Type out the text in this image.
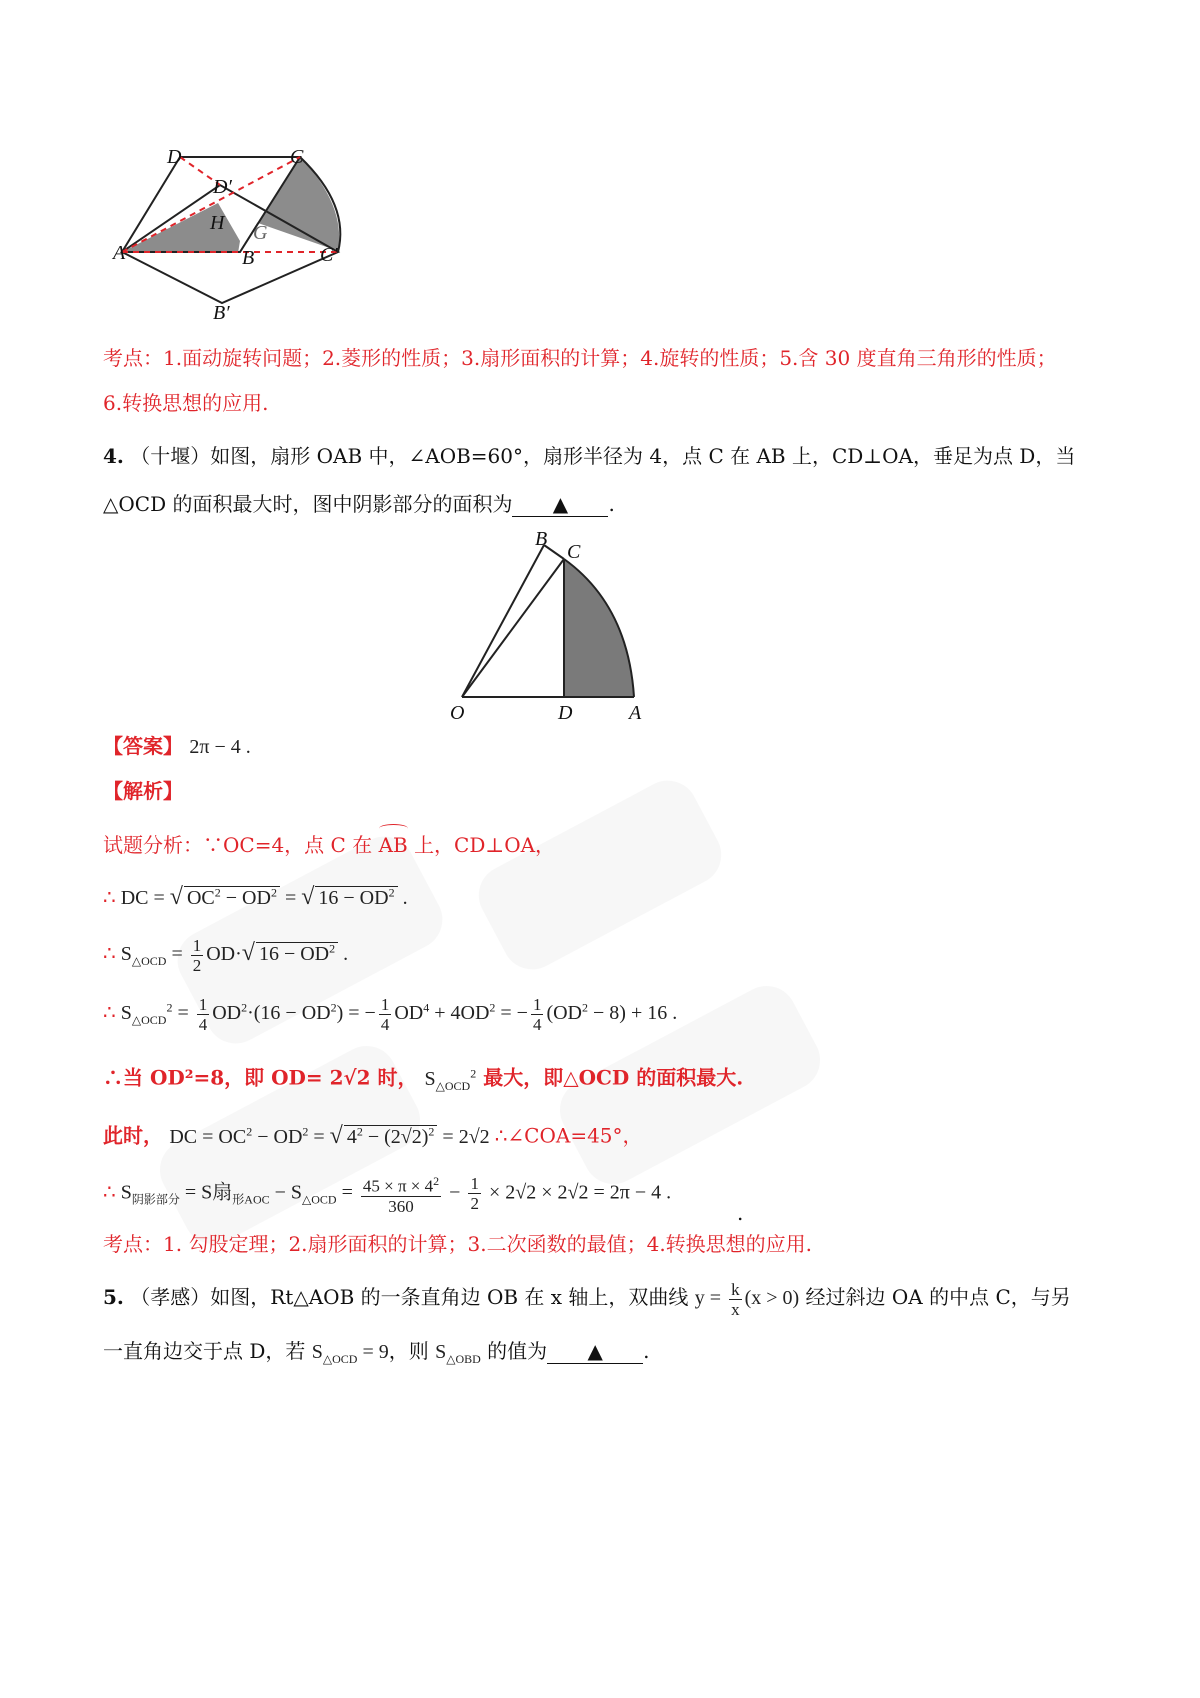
D	C
D′
H G
A	B	C′
B′
考点：1.面动旋转问题；2.菱形的性质；3.扇形面积的计算；4.旋转的性质；5.含 30 度直角三角形的性质；
6.转换思想的应用.
4. （十堰）如图，扇形 OAB 中，∠AOB=60°，扇形半径为 4，点 C 在 AB 上，CD⊥OA，垂足为点 D，当
△OCD 的面积最大时，图中阴影部分的面积为 ▲ .
B
C
O	D	A
【答案】 2π − 4 .
【解析】
试题分析：∵OC=4，点 C 在 AB 上，CD⊥OA，
∴ DC = √ $OC^2 - OD^2$ = √ $16 - OD^2$ .
∴ $S_{\triangle OCD} = \frac{1}{2} OD\cdot√$ $16 - OD^2$ .
∴ $S_{\triangle OCD}^2 = \frac{1}{4} OD^2\cdot(16 - OD^2)$ = − $\frac{1}{4} OD^4 + 4OD^2$ = − $\frac{1}{4} (OD^2 - 8) + 16$ .
∴当 OD²=8，即 OD= 2√2 时， $S_{\triangle OCD}^2$ 最大，即△OCD 的面积最大.
此时， DC = $OC^2 - OD^2$ = √ $4^2 - (2√2)^2 = 2√2$ ∴∠COA=45°，
∴ $S_{阴影部分} = S$扇$_{形AOC} - S_{\triangle OCD} = \frac{45 \times \pi \times 4^2}{360} - \frac{1}{2} \times 2√2 \times 2√2 = 2\pi - 4$ .
.
考点：1. 勾股定理；2.扇形面积的计算；3.二次函数的最值；4.转换思想的应用.
5. （孝感）如图，Rt△AOB 的一条直角边 OB 在 x 轴上，双曲线 $y = \frac{k}{x} (x > 0)$ 经过斜边 OA 的中点 C，与另
一直角边交于点 D，若 $S_{\triangle OCD} = 9$，则 $S_{\triangle OBD}$ 的值为 ▲ .
